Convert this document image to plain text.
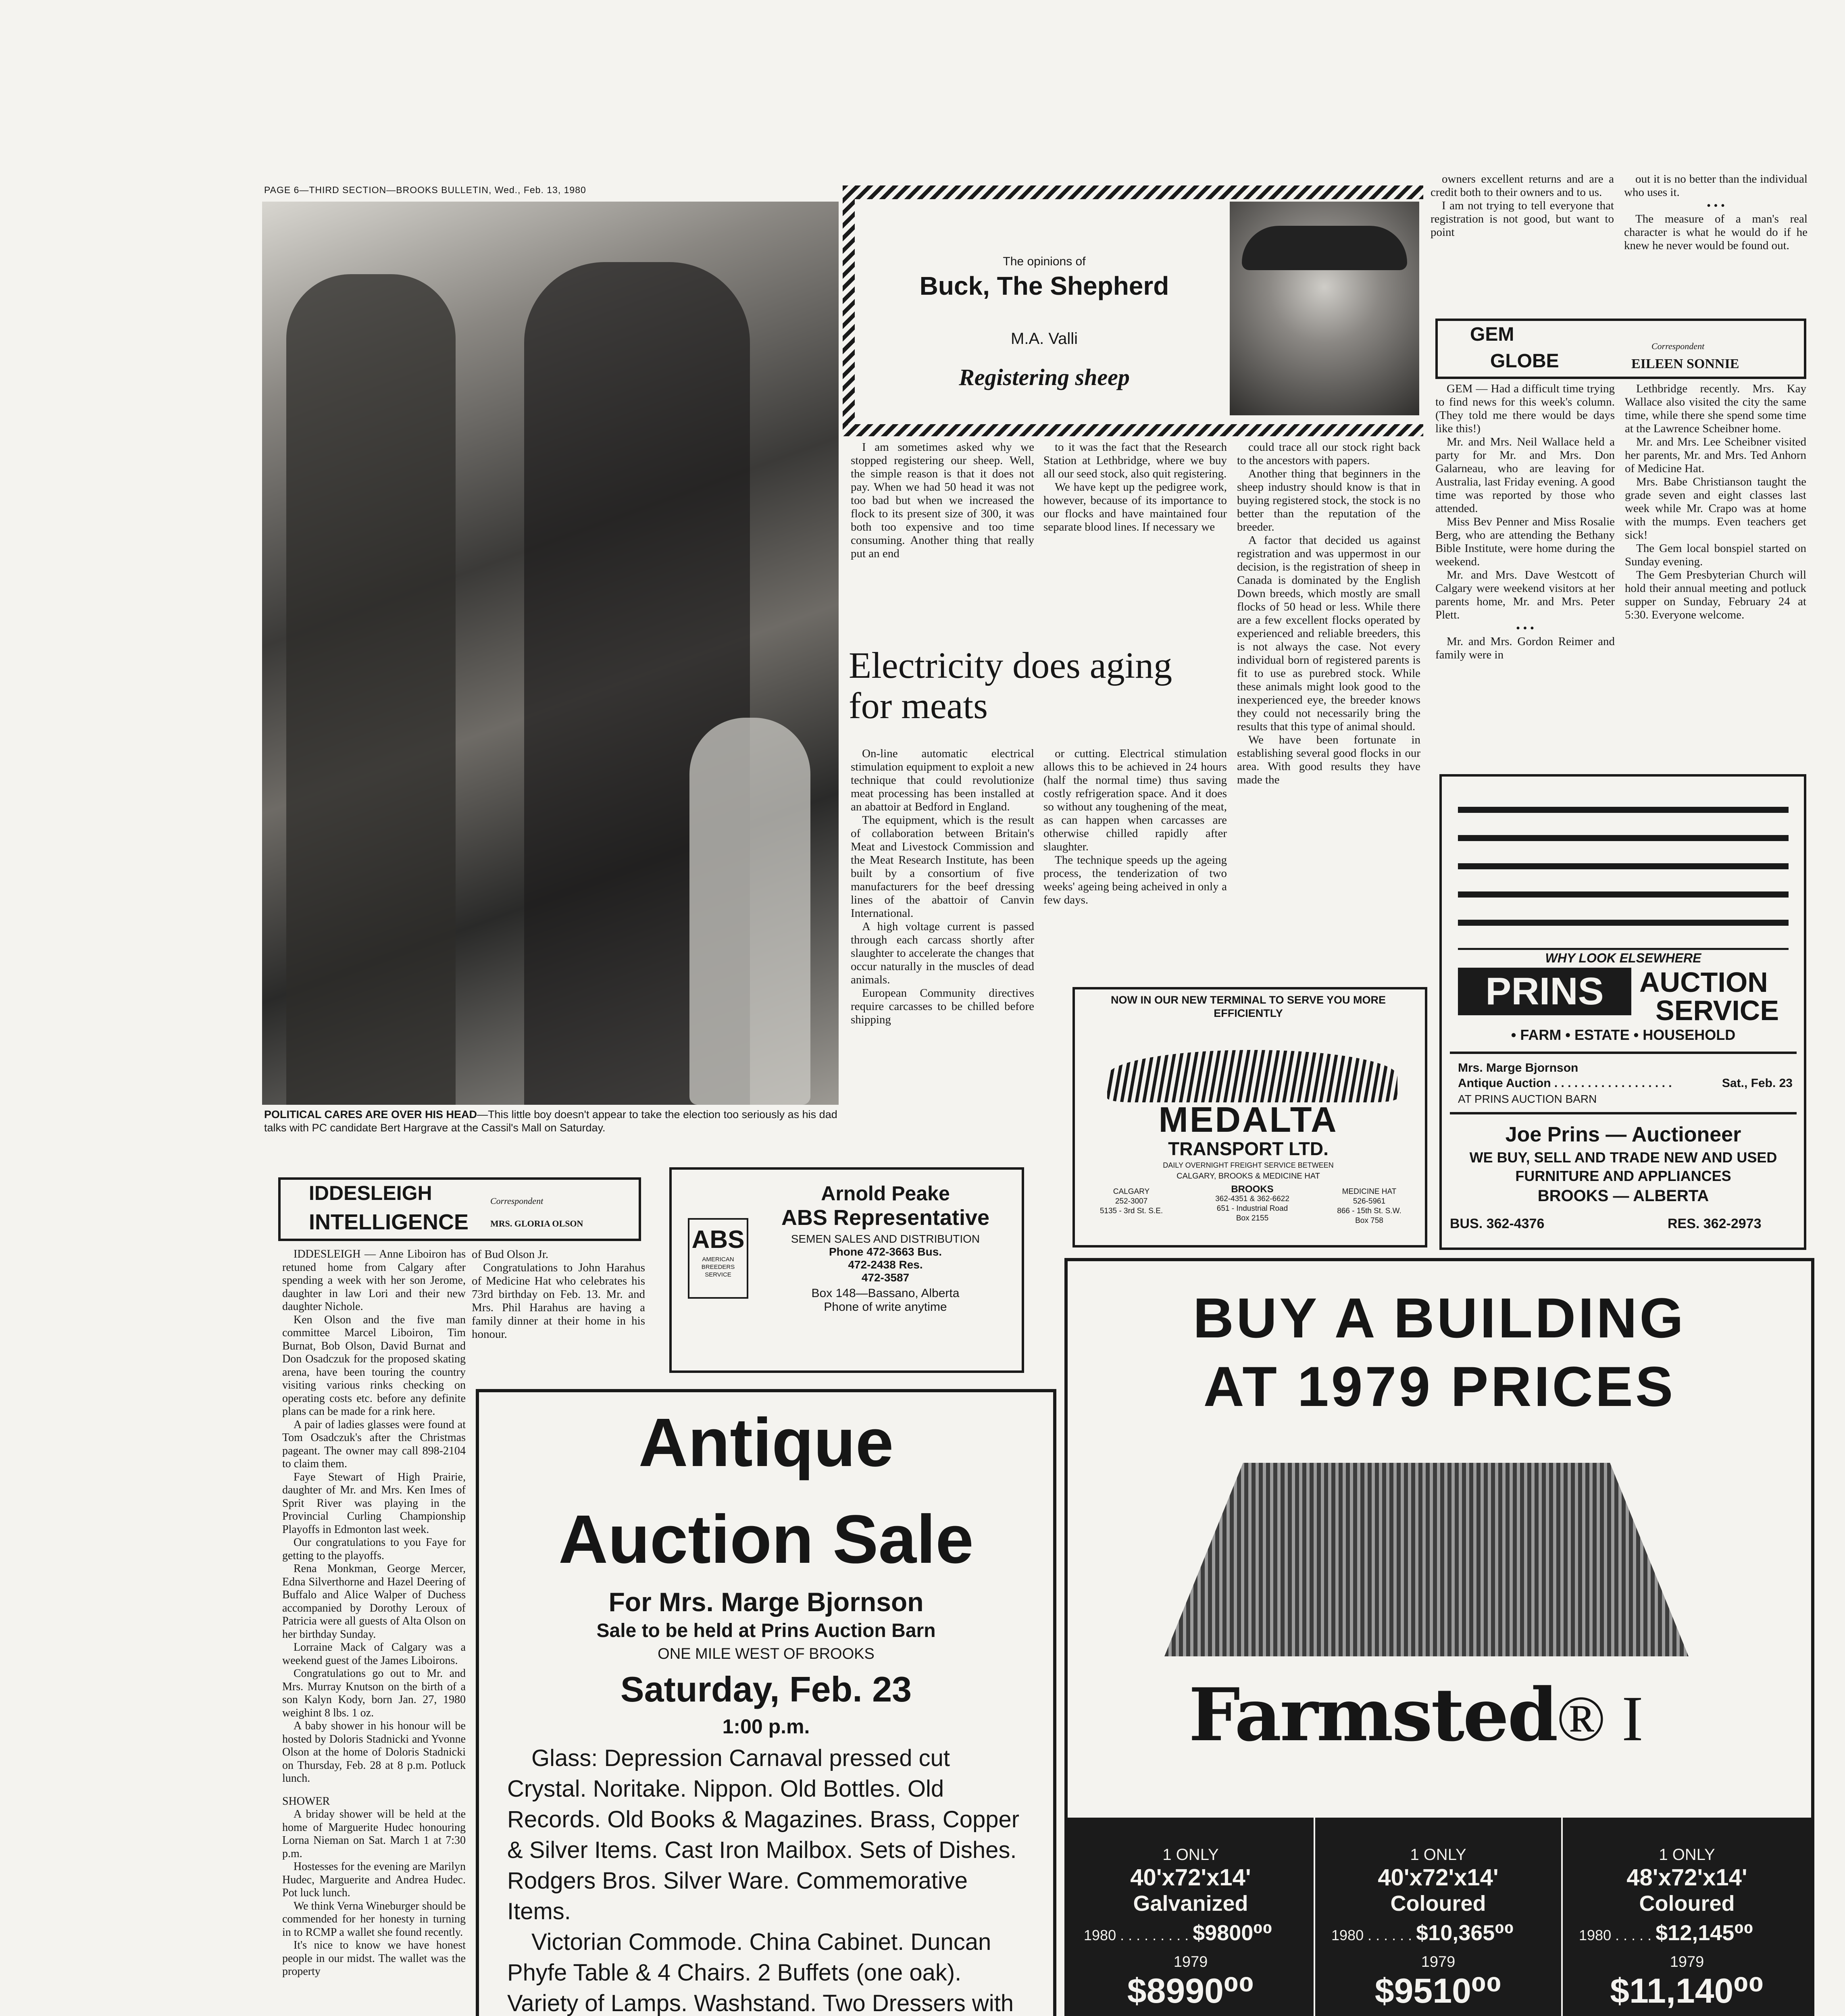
PAGE 6—THIRD SECTION—BROOKS BULLETIN, Wed., Feb. 13, 1980
POLITICAL CARES ARE OVER HIS HEAD—This little boy doesn't appear to take the election too seriously as his dad talks with PC candidate Bert Hargrave at the Cassil's Mall on Saturday.
The opinions of
Buck, The Shepherd
M.A. Valli
Registering sheep

I am sometimes asked why we stopped registering our sheep. Well, the simple reason is that it does not pay. When we had 50 head it was not too bad but when we increased the flock to its present size of 300, it was both too expensive and too time consuming. Another thing that really put an end

to it was the fact that the Research Station at Lethbridge, where we buy all our seed stock, also quit registering.

We have kept up the pedigree work, however, because of its importance to our flocks and have maintained four separate blood lines. If necessary we

could trace all our stock right back to the ancestors with papers.

Another thing that beginners in the sheep industry should know is that in buying registered stock, the stock is no better than the reputation of the breeder.

A factor that decided us against registration and was uppermost in our decision, is the registration of sheep in Canada is dominated by the English Down breeds, which mostly are small flocks of 50 head or less. While there are a few excellent flocks operated by experienced and reliable breeders, this is not always the case. Not every individual born of registered parents is fit to use as purebred stock. While these animals might look good to the inexperienced eye, the breeder knows they could not necessarily bring the results that this type of animal should.

We have been fortunate in establishing several good flocks in our area. With good results they have made the

owners excellent returns and are a credit both to their owners and to us.

I am not trying to tell everyone that registration is not good, but want to point

out it is no better than the individual who uses it.

• • •

The measure of a man's real character is what he would do if he knew he never would be found out.

Electricity does aging for meats

On-line automatic electrical stimulation equipment to exploit a new technique that could revolutionize meat processing has been installed at an abattoir at Bedford in England.

The equipment, which is the result of collaboration between Britain's Meat and Livestock Commission and the Meat Research Institute, has been built by a consortium of five manufacturers for the beef dressing lines of the abattoir of Canvin International.

A high voltage current is passed through each carcass shortly after slaughter to accelerate the changes that occur naturally in the muscles of dead animals.

European Community directives require carcasses to be chilled before shipping

or cutting. Electrical stimulation allows this to be achieved in 24 hours (half the normal time) thus saving costly refrigeration space. And it does so without any toughening of the meat, as can happen when carcasses are otherwise chilled rapidly after slaughter.

The technique speeds up the ageing process, the tenderization of two weeks' ageing being acheived in only a few days.

GEM
GLOBE
Correspondent
EILEEN SONNIE

GEM — Had a difficult time trying to find news for this week's column. (They told me there would be days like this!)

Mr. and Mrs. Neil Wallace held a party for Mr. and Mrs. Don Galarneau, who are leaving for Australia, last Friday evening. A good time was reported by those who attended.

Miss Bev Penner and Miss Rosalie Berg, who are attending the Bethany Bible Institute, were home during the weekend.

Mr. and Mrs. Dave Westcott of Calgary were weekend visitors at her parents home, Mr. and Mrs. Peter Plett.

• • •

Mr. and Mrs. Gordon Reimer and family were in

Lethbridge recently. Mrs. Kay Wallace also visited the city the same time, while there she spend some time at the Lawrence Scheibner home.

Mr. and Mrs. Lee Scheibner visited her parents, Mr. and Mrs. Ted Anhorn of Medicine Hat.

Mrs. Babe Christianson taught the grade seven and eight classes last week while Mr. Crapo was at home with the mumps. Even teachers get sick!

The Gem local bonspiel started on Sunday evening.

The Gem Presbyterian Church will hold their annual meeting and potluck supper on Sunday, February 24 at 5:30. Everyone welcome.

WHY LOOK ELSEWHERE
PRINS	AUCTION
SERVICE
• FARM • ESTATE • HOUSEHOLD
Mrs. Marge Bjornson
Antique Auction . . . . . . . . . . . . . . . . . .	Sat., Feb. 23
AT PRINS AUCTION BARN
Joe Prins — Auctioneer
WE BUY, SELL AND TRADE NEW AND USED
FURNITURE AND APPLIANCES
BROOKS — ALBERTA
BUS. 362-4376	RES. 362-2973
NOW IN OUR NEW TERMINAL TO SERVE YOU MORE EFFICIENTLY
MEDALTA
TRANSPORT LTD.
DAILY OVERNIGHT FREIGHT SERVICE BETWEEN
CALGARY, BROOKS & MEDICINE HAT
CALGARY
252-3007
5135 - 3rd St. S.E.
BROOKS
362-4351 & 362-6622
651 - Industrial Road
Box 2155
MEDICINE HAT
526-5961
866 - 15th St. S.W.
Box 758
IDDESLEIGH
INTELLIGENCE
Correspondent
MRS. GLORIA OLSON

IDDESLEIGH — Anne Liboiron has retuned home from Calgary after spending a week with her son Jerome, daughter in law Lori and their new daughter Nichole.

Ken Olson and the five man committee Marcel Liboiron, Tim Burnat, Bob Olson, David Burnat and Don Osadczuk for the proposed skating arena, have been touring the country visiting various rinks checking on operating costs etc. before any definite plans can be made for a rink here.

A pair of ladies glasses were found at Tom Osadczuk's after the Christmas pageant. The owner may call 898-2104 to claim them.

Faye Stewart of High Prairie, daughter of Mr. and Mrs. Ken Imes of Sprit River was playing in the Provincial Curling Championship Playoffs in Edmonton last week.

Our congratulations to you Faye for getting to the playoffs.

Rena Monkman, George Mercer, Edna Silverthorne and Hazel Deering of Buffalo and Alice Walper of Duchess accompanied by Dorothy Leroux of Patricia were all guests of Alta Olson on her birthday Sunday.

Lorraine Mack of Calgary was a weekend guest of the James Liboirons.

Congratulations go out to Mr. and Mrs. Murray Knutson on the birth of a son Kalyn Kody, born Jan. 27, 1980 weighint 8 lbs. 1 oz.

A baby shower in his honour will be hosted by Doloris Stadnicki and Yvonne Olson at the home of Doloris Stadnicki on Thursday, Feb. 28 at 8 p.m. Potluck lunch.

SHOWER

A briday shower will be held at the home of Marguerite Hudec honouring Lorna Nieman on Sat. March 1 at 7:30 p.m.

Hostesses for the evening are Marilyn Hudec, Marguerite and Andrea Hudec. Pot luck lunch.

We think Verna Wineburger should be commended for her honesty in turning in to RCMP a wallet she found recently.

It's nice to know we have honest people in our midst. The wallet was the property

of Bud Olson Jr.

Congratulations to John Harahus of Medicine Hat who celebrates his 73rd birthday on Feb. 13. Mr. and Mrs. Phil Harahus are having a family dinner at their home in his honour.

ABS
AMERICAN BREEDERS SERVICE
Arnold Peake
ABS Representative
SEMEN SALES AND DISTRIBUTION
Phone 472-3663 Bus.
472-2438 Res.
472-3587
Box 148—Bassano, Alberta
Phone of write anytime
Antique
Auction Sale
For Mrs. Marge Bjornson
Sale to be held at Prins Auction Barn
ONE MILE WEST OF BROOKS
Saturday, Feb. 23
1:00 p.m.

Glass: Depression Carnaval pressed cut Crystal. Noritake. Nippon. Old Bottles. Old Records. Old Books & Magazines. Brass, Copper & Silver Items. Cast Iron Mailbox. Sets of Dishes. Rodgers Bros. Silver Ware. Commemorative Items.

Victorian Commode. China Cabinet. Duncan Phyfe Table & 4 Chairs. 2 Buffets (one oak). Variety of Lamps. Washstand. Two Dressers with

BUY A BUILDING
AT 1979 PRICES
Farmsted® I
1 ONLY
40'x72'x14'
Galvanized
1980 . . . . . . . . . $9800⁰⁰
1979
$8990⁰⁰
1 ONLY
40'x72'x14'
Coloured
1980 . . . . . . $10,365⁰⁰
1979
$9510⁰⁰
1 ONLY
48'x72'x14'
Coloured
1980 . . . . . $12,145⁰⁰
1979
$11,140⁰⁰
